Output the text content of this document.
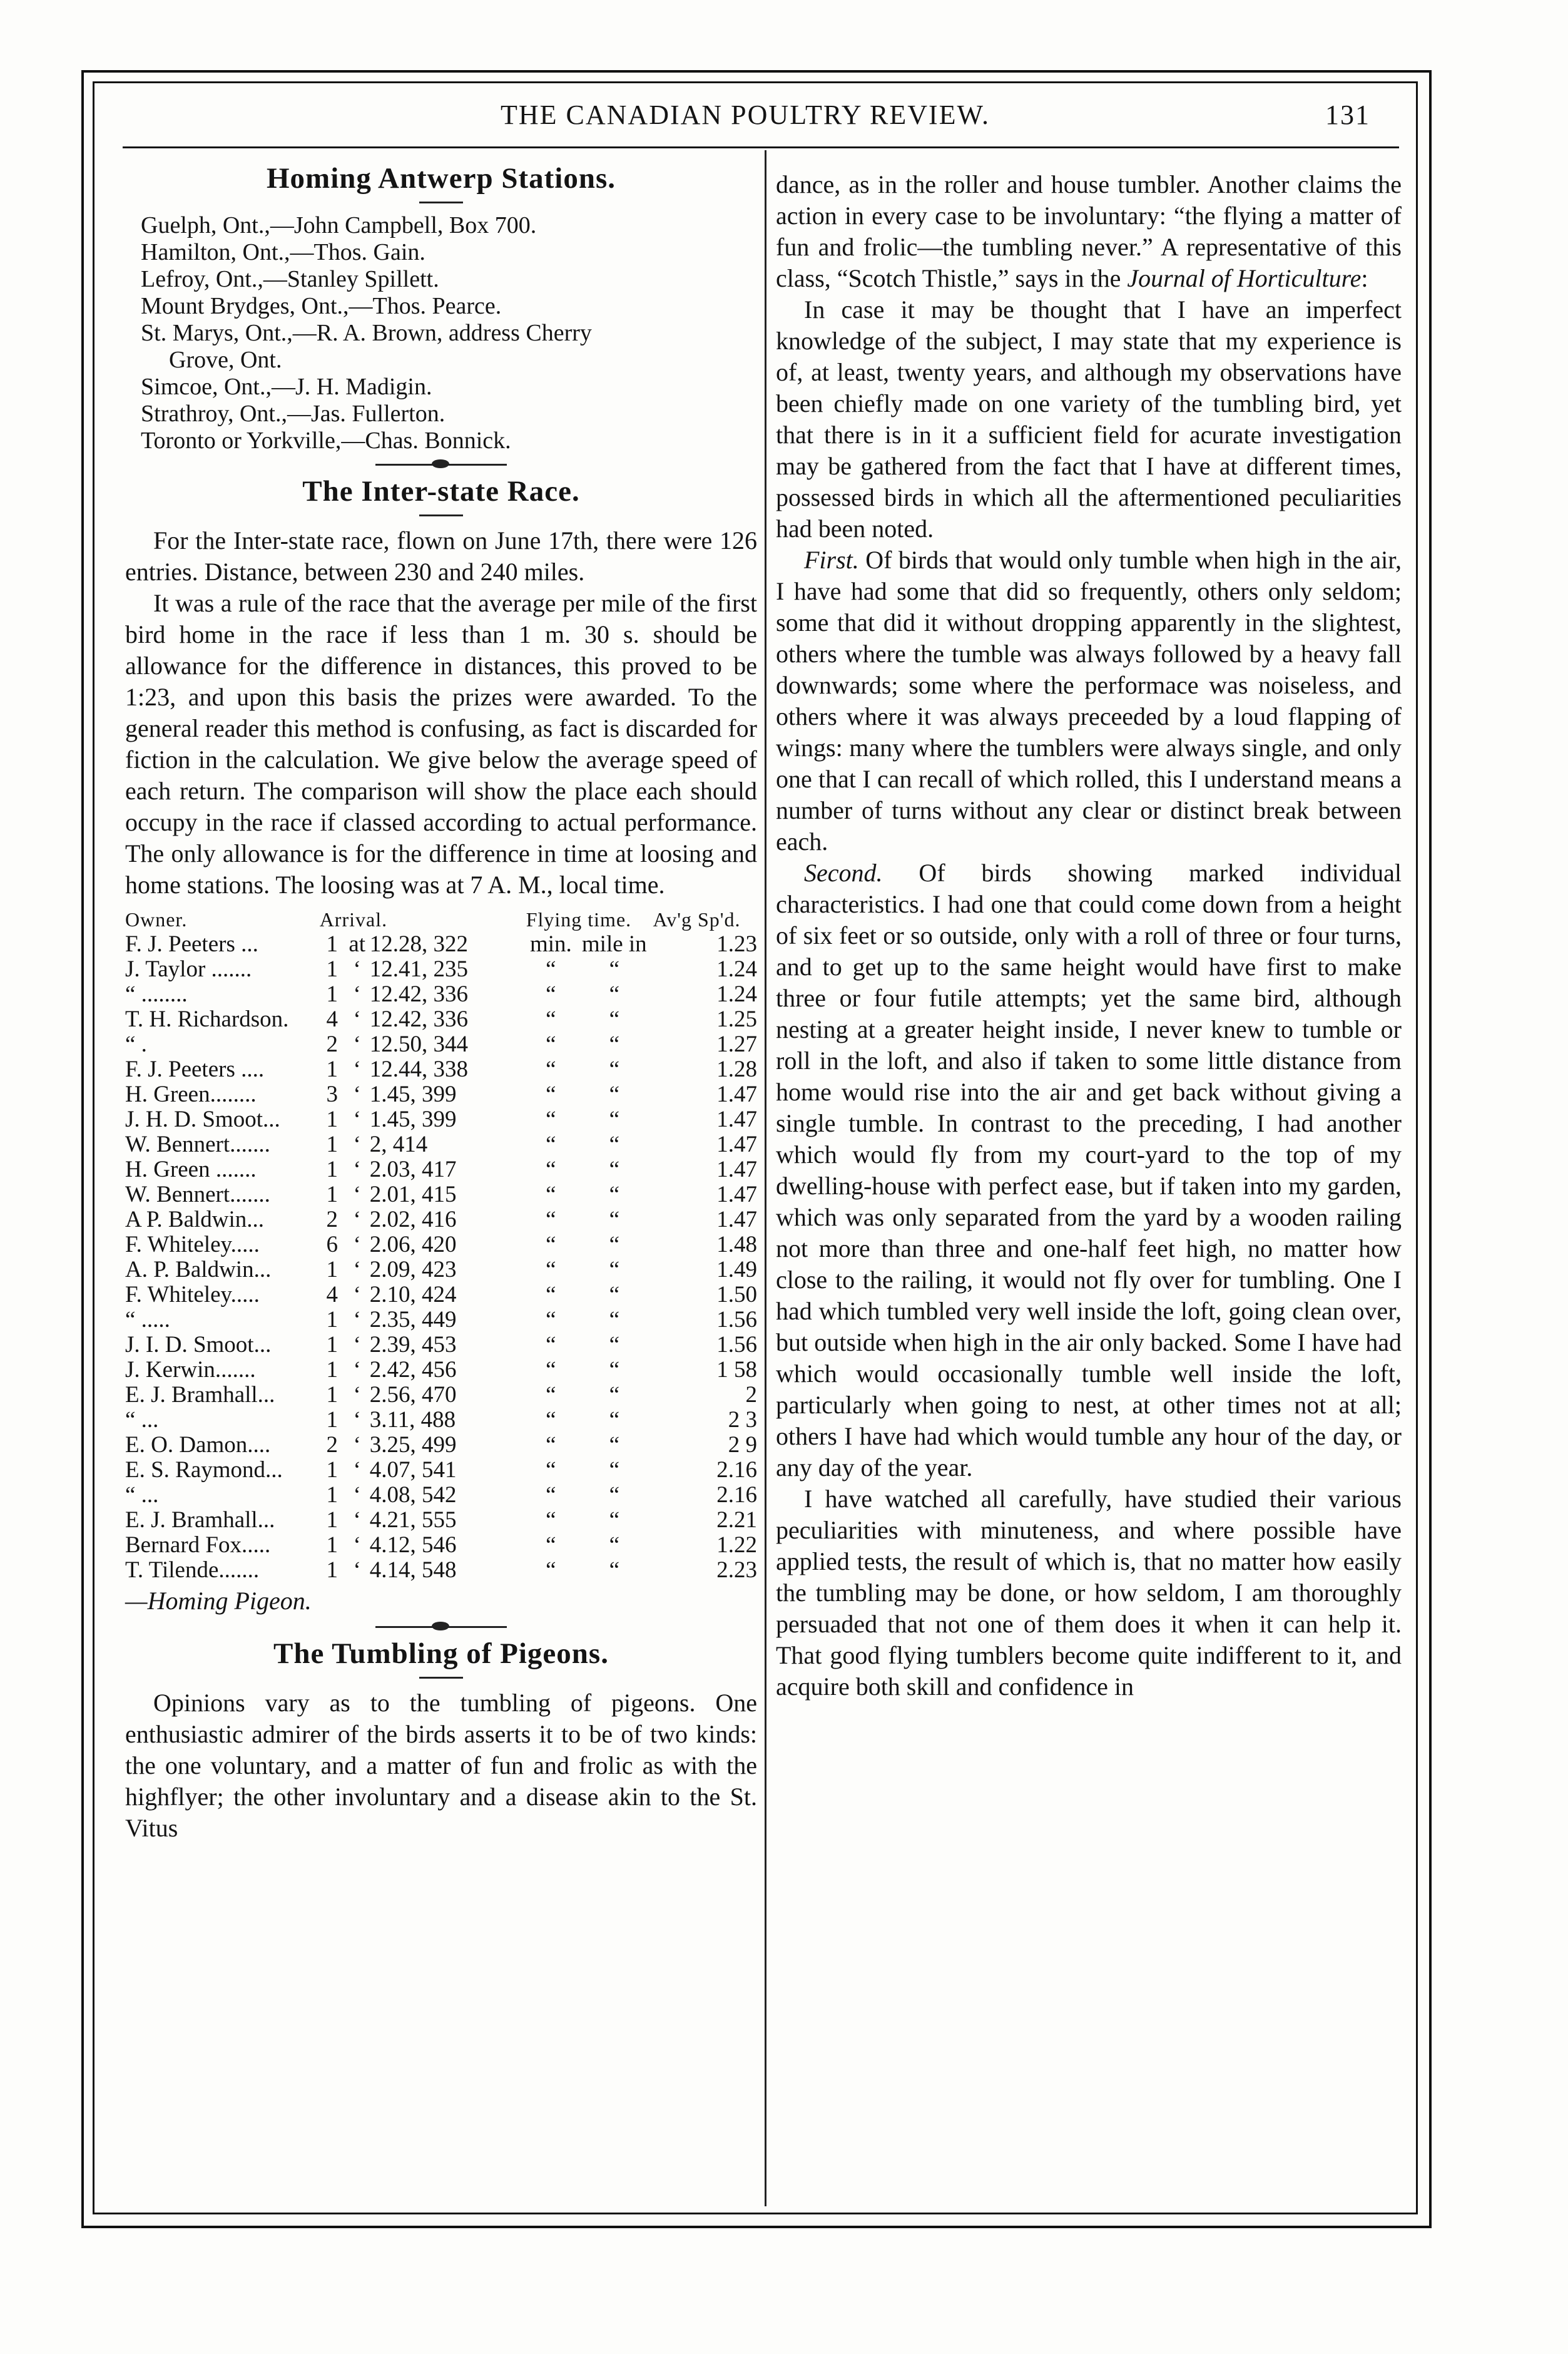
THE CANADIAN POULTRY REVIEW.	131
Homing Antwerp Stations.
Guelph, Ont.,—John Campbell, Box 700.
Hamilton, Ont.,—Thos. Gain.
Lefroy, Ont.,—Stanley Spillett.
Mount Brydges, Ont.,—Thos. Pearce.
St. Marys, Ont.,—R. A. Brown, address Cherry
Grove, Ont.
Simcoe, Ont.,—J. H. Madigin.
Strathroy, Ont.,—Jas. Fullerton.
Toronto or Yorkville,—Chas. Bonnick.
The Inter-state Race.

For the Inter-state race, flown on June 17th, there were 126 entries. Distance, between 230 and 240 miles.

It was a rule of the race that the average per mile of the first bird home in the race if less than 1 m. 30 s. should be allowance for the difference in distances, this proved to be 1:23, and upon this basis the prizes were awarded. To the general reader this method is confusing, as fact is discarded for fiction in the calculation. We give below the average speed of each return. The comparison will show the place each should occupy in the race if classed according to actual performance. The only allowance is for the difference in time at loosing and home stations. The loosing was at 7 A. M., local time.

Owner.	Arrival.			Flying time.		Av'g Sp'd.
F. J. Peeters ...	1	at	12.28, 322	min.	mile in	1.23
J. Taylor .......	1	‘	12.41, 235	“	“	1.24
“ ........	1	‘	12.42, 336	“	“	1.24
T. H. Richardson.	4	‘	12.42, 336	“	“	1.25
“ .	2	‘	12.50, 344	“	“	1.27
F. J. Peeters ....	1	‘	12.44, 338	“	“	1.28
H. Green........	3	‘	1.45, 399	“	“	1.47
J. H. D. Smoot...	1	‘	1.45, 399	“	“	1.47
W. Bennert.......	1	‘	2, 414	“	“	1.47
H. Green .......	1	‘	2.03, 417	“	“	1.47
W. Bennert.......	1	‘	2.01, 415	“	“	1.47
A P. Baldwin...	2	‘	2.02, 416	“	“	1.47
F. Whiteley.....	6	‘	2.06, 420	“	“	1.48
A. P. Baldwin...	1	‘	2.09, 423	“	“	1.49
F. Whiteley.....	4	‘	2.10, 424	“	“	1.50
“ .....	1	‘	2.35, 449	“	“	1.56
J. I. D. Smoot...	1	‘	2.39, 453	“	“	1.56
J. Kerwin.......	1	‘	2.42, 456	“	“	1 58
E. J. Bramhall...	1	‘	2.56, 470	“	“	2
“ ...	1	‘	3.11, 488	“	“	2 3
E. O. Damon....	2	‘	3.25, 499	“	“	2 9
E. S. Raymond...	1	‘	4.07, 541	“	“	2.16
“ ...	1	‘	4.08, 542	“	“	2.16
E. J. Bramhall...	1	‘	4.21, 555	“	“	2.21
Bernard Fox.....	1	‘	4.12, 546	“	“	1.22
T. Tilende.......	1	‘	4.14, 548	“	“	2.23
—Homing Pigeon.
The Tumbling of Pigeons.

Opinions vary as to the tumbling of pigeons. One enthusiastic admirer of the birds asserts it to be of two kinds: the one voluntary, and a matter of fun and frolic as with the highflyer; the other involuntary and a disease akin to the St. Vitus

dance, as in the roller and house tumbler. Another claims the action in every case to be involuntary: “the flying a matter of fun and frolic—the tumbling never.” A representative of this class, “Scotch Thistle,” says in the Journal of Horticulture:

In case it may be thought that I have an imperfect knowledge of the subject, I may state that my experience is of, at least, twenty years, and although my observations have been chiefly made on one variety of the tumbling bird, yet that there is in it a sufficient field for acurate investigation may be gathered from the fact that I have at different times, possessed birds in which all the aftermentioned peculiarities had been noted.

First. Of birds that would only tumble when high in the air, I have had some that did so frequently, others only seldom; some that did it without dropping apparently in the slightest, others where the tumble was always followed by a heavy fall downwards; some where the performace was noiseless, and others where it was always preceeded by a loud flapping of wings: many where the tumblers were always single, and only one that I can recall of which rolled, this I understand means a number of turns without any clear or distinct break between each.

Second. Of birds showing marked individual characteristics. I had one that could come down from a height of six feet or so outside, only with a roll of three or four turns, and to get up to the same height would have first to make three or four futile attempts; yet the same bird, although nesting at a greater height inside, I never knew to tumble or roll in the loft, and also if taken to some little distance from home would rise into the air and get back without giving a single tumble. In contrast to the preceding, I had another which would fly from my court-yard to the top of my dwelling-house with perfect ease, but if taken into my garden, which was only separated from the yard by a wooden railing not more than three and one-half feet high, no matter how close to the railing, it would not fly over for tumbling. One I had which tumbled very well inside the loft, going clean over, but outside when high in the air only backed. Some I have had which would occasionally tumble well inside the loft, particularly when going to nest, at other times not at all; others I have had which would tumble any hour of the day, or any day of the year.

I have watched all carefully, have studied their various peculiarities with minuteness, and where possible have applied tests, the result of which is, that no matter how easily the tumbling may be done, or how seldom, I am thoroughly persuaded that not one of them does it when it can help it. That good flying tumblers become quite indifferent to it, and acquire both skill and confidence in
